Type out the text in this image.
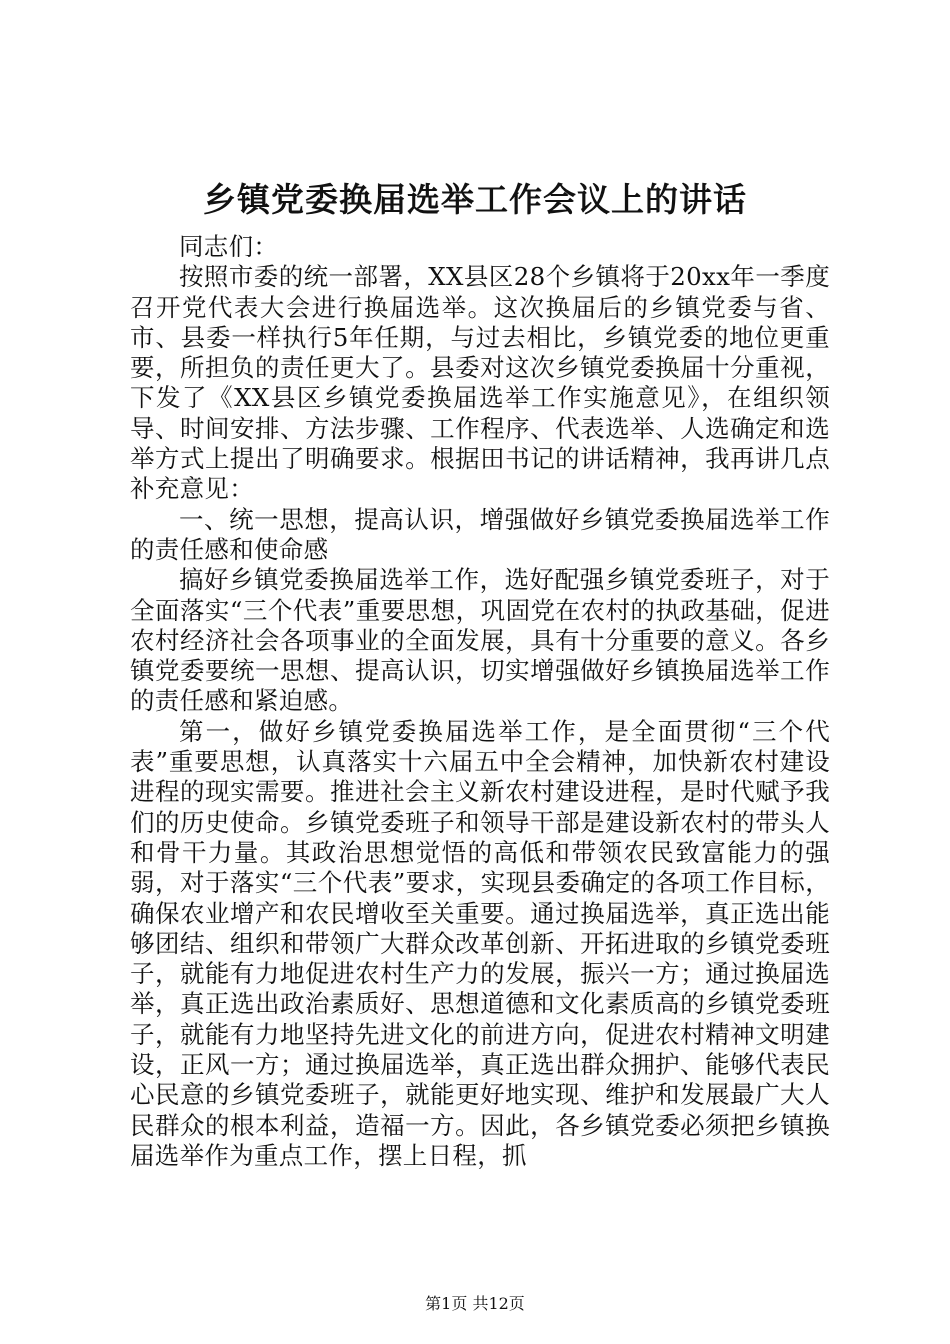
乡镇党委换届选举工作会议上的讲话

同志们：

按照市委的统一部署，XX县区28个乡镇将于20xx年一季度召开党代表大会进行换届选举。这次换届后的乡镇党委与省、市、县委一样执行5年任期，与过去相比，乡镇党委的地位更重要，所担负的责任更大了。县委对这次乡镇党委换届十分重视，下发了《XX县区乡镇党委换届选举工作实施意见》，在组织领导、时间安排、方法步骤、工作程序、代表选举、人选确定和选举方式上提出了明确要求。根据田书记的讲话精神，我再讲几点补充意见：

一、统一思想，提高认识，增强做好乡镇党委换届选举工作的责任感和使命感

搞好乡镇党委换届选举工作，选好配强乡镇党委班子，对于全面落实“三个代表”重要思想，巩固党在农村的执政基础，促进农村经济社会各项事业的全面发展，具有十分重要的意义。各乡镇党委要统一思想、提高认识，切实增强做好乡镇换届选举工作的责任感和紧迫感。

第一，做好乡镇党委换届选举工作，是全面贯彻“三个代表”重要思想，认真落实十六届五中全会精神，加快新农村建设进程的现实需要。推进社会主义新农村建设进程，是时代赋予我们的历史使命。乡镇党委班子和领导干部是建设新农村的带头人和骨干力量。其政治思想觉悟的高低和带领农民致富能力的强弱，对于落实“三个代表”要求，实现县委确定的各项工作目标，确保农业增产和农民增收至关重要。通过换届选举，真正选出能够团结、组织和带领广大群众改革创新、开拓进取的乡镇党委班子，就能有力地促进农村生产力的发展，振兴一方；通过换届选举，真正选出政治素质好、思想道德和文化素质高的乡镇党委班子，就能有力地坚持先进文化的前进方向，促进农村精神文明建设，正风一方；通过换届选举，真正选出群众拥护、能够代表民心民意的乡镇党委班子，就能更好地实现、维护和发展最广大人民群众的根本利益，造福一方。因此，各乡镇党委必须把乡镇换届选举作为重点工作，摆上日程，抓

第1页 共12页
